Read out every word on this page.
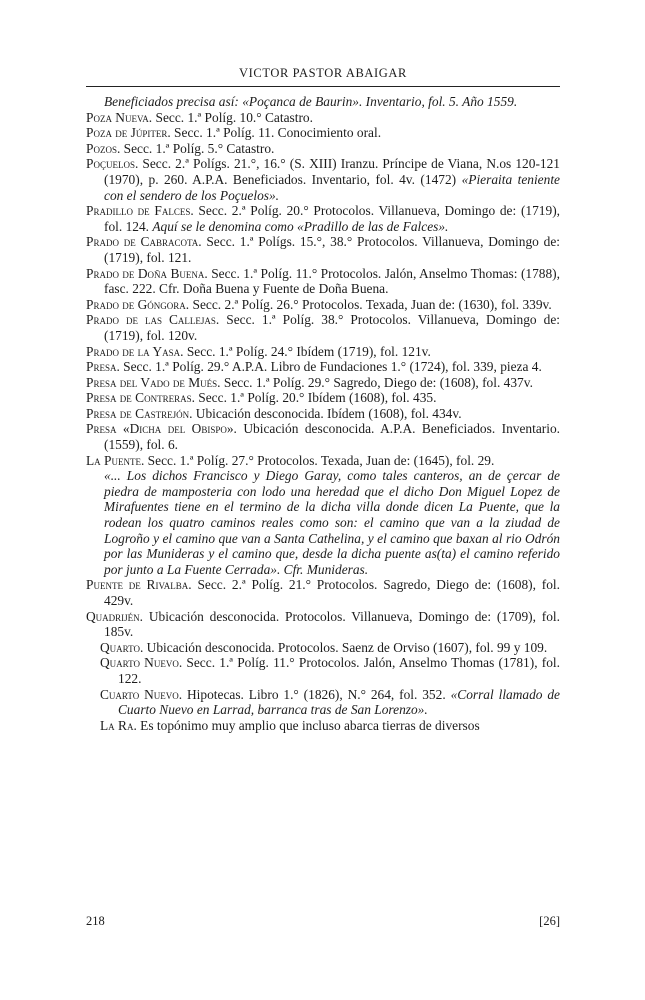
VICTOR PASTOR ABAIGAR

Beneficiados precisa así: «Poçanca de Baurin». Inventario, fol. 5. Año 1559.

Poza Nueva. Secc. 1.ª Políg. 10.° Catastro.

Poza de Júpiter. Secc. 1.ª Políg. 11. Conocimiento oral.

Pozos. Secc. 1.ª Políg. 5.° Catastro.

Poçuelos. Secc. 2.ª Polígs. 21.°, 16.° (S. XIII) Iranzu. Príncipe de Viana, N.os 120-121 (1970), p. 260. A.P.A. Beneficiados. Inventario, fol. 4v. (1472) «Pieraita teniente con el sendero de los Poçuelos».

Pradillo de Falces. Secc. 2.ª Políg. 20.° Protocolos. Villanueva, Domingo de: (1719), fol. 124. Aquí se le denomina como «Pradillo de las de Falces».

Prado de Cabracota. Secc. 1.ª Polígs. 15.°, 38.° Protocolos. Villanueva, Domingo de: (1719), fol. 121.

Prado de Doña Buena. Secc. 1.ª Políg. 11.° Protocolos. Jalón, Anselmo Thomas: (1788), fasc. 222. Cfr. Doña Buena y Fuente de Doña Buena.

Prado de Góngora. Secc. 2.ª Políg. 26.° Protocolos. Texada, Juan de: (1630), fol. 339v.

Prado de las Callejas. Secc. 1.ª Políg. 38.° Protocolos. Villanueva, Domingo de: (1719), fol. 120v.

Prado de la Yasa. Secc. 1.ª Políg. 24.° Ibídem (1719), fol. 121v.

Presa. Secc. 1.ª Políg. 29.° A.P.A. Libro de Fundaciones 1.° (1724), fol. 339, pieza 4.

Presa del Vado de Mués. Secc. 1.ª Políg. 29.° Sagredo, Diego de: (1608), fol. 437v.

Presa de Contreras. Secc. 1.ª Políg. 20.° Ibídem (1608), fol. 435.

Presa de Castrejón. Ubicación desconocida. Ibídem (1608), fol. 434v.

Presa «Dicha del Obispo». Ubicación desconocida. A.P.A. Beneficiados. Inventario. (1559), fol. 6.

La Puente. Secc. 1.ª Políg. 27.° Protocolos. Texada, Juan de: (1645), fol. 29.

«... Los dichos Francisco y Diego Garay, como tales canteros, an de çercar de piedra de mamposteria con lodo una heredad que el dicho Don Miguel Lopez de Mirafuentes tiene en el termino de la dicha villa donde dicen La Puente, que la rodean los quatro caminos reales como son: el camino que van a la ziudad de Logroño y el camino que van a Santa Cathelina, y el camino que baxan al rio Odrón por las Munideras y el camino que, desde la dicha puente as(ta) el camino referido por junto a La Fuente Cerrada». Cfr. Munideras.

Puente de Rivalba. Secc. 2.ª Políg. 21.° Protocolos. Sagredo, Diego de: (1608), fol. 429v.

Quadrijén. Ubicación desconocida. Protocolos. Villanueva, Domingo de: (1709), fol. 185v.

Quarto. Ubicación desconocida. Protocolos. Saenz de Orviso (1607), fol. 99 y 109.

Quarto Nuevo. Secc. 1.ª Políg. 11.° Protocolos. Jalón, Anselmo Thomas (1781), fol. 122.

Cuarto Nuevo. Hipotecas. Libro 1.° (1826), N.° 264, fol. 352. «Corral llamado de Cuarto Nuevo en Larrad, barranca tras de San Lorenzo».

La Ra. Es topónimo muy amplio que incluso abarca tierras de diversos

218	[26]
